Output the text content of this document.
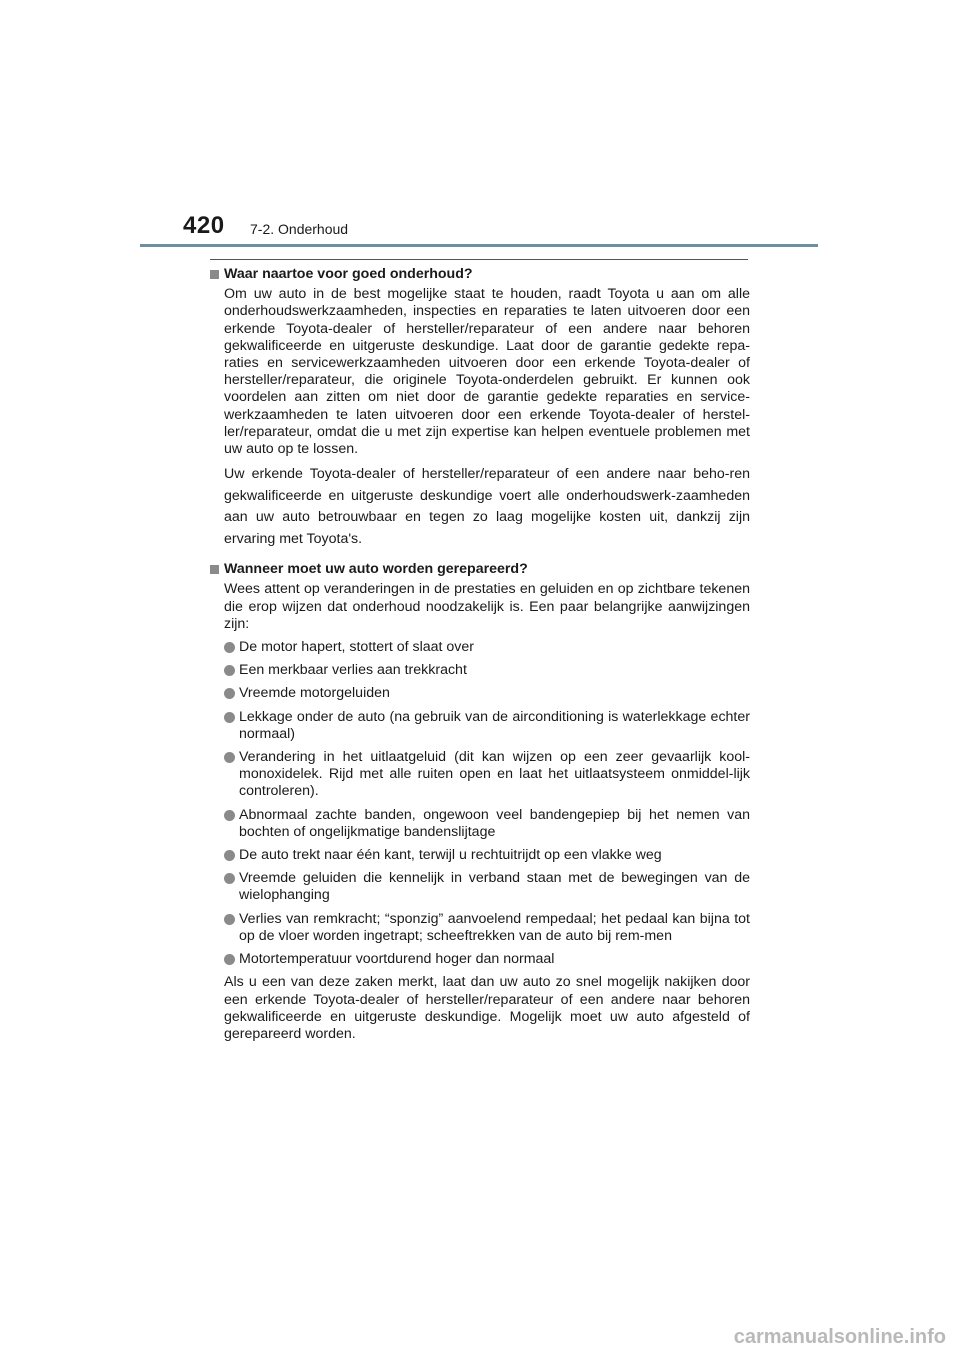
420 7-2. Onderhoud
Waar naartoe voor goed onderhoud?

Om uw auto in de best mogelijke staat te houden, raadt Toyota u aan om alle onderhoudswerkzaamheden, inspecties en reparaties te laten uitvoeren door een erkende Toyota-dealer of hersteller/reparateur of een andere naar behoren gekwalificeerde en uitgeruste deskundige. Laat door de garantie gedekte repa-raties en servicewerkzaamheden uitvoeren door een erkende Toyota-dealer of hersteller/reparateur, die originele Toyota-onderdelen gebruikt. Er kunnen ook voordelen aan zitten om niet door de garantie gedekte reparaties en service-werkzaamheden te laten uitvoeren door een erkende Toyota-dealer of herstel-ler/reparateur, omdat die u met zijn expertise kan helpen eventuele problemen met uw auto op te lossen.

Uw erkende Toyota-dealer of hersteller/reparateur of een andere naar beho-ren gekwalificeerde en uitgeruste deskundige voert alle onderhoudswerk-zaamheden aan uw auto betrouwbaar en tegen zo laag mogelijke kosten uit, dankzij zijn ervaring met Toyota's.

Wanneer moet uw auto worden gerepareerd?

Wees attent op veranderingen in de prestaties en geluiden en op zichtbare tekenen die erop wijzen dat onderhoud noodzakelijk is. Een paar belangrijke aanwijzingen zijn:

De motor hapert, stottert of slaat over
Een merkbaar verlies aan trekkracht
Vreemde motorgeluiden
Lekkage onder de auto (na gebruik van de airconditioning is waterlekkage echter normaal)
Verandering in het uitlaatgeluid (dit kan wijzen op een zeer gevaarlijk kool-monoxidelek. Rijd met alle ruiten open en laat het uitlaatsysteem onmiddel-lijk controleren).
Abnormaal zachte banden, ongewoon veel bandengepiep bij het nemen van bochten of ongelijkmatige bandenslijtage
De auto trekt naar één kant, terwijl u rechtuitrijdt op een vlakke weg
Vreemde geluiden die kennelijk in verband staan met de bewegingen van de wielophanging
Verlies van remkracht; “sponzig” aanvoelend rempedaal; het pedaal kan bijna tot op de vloer worden ingetrapt; scheeftrekken van de auto bij rem-men
Motortemperatuur voortdurend hoger dan normaal

Als u een van deze zaken merkt, laat dan uw auto zo snel mogelijk nakijken door een erkende Toyota-dealer of hersteller/reparateur of een andere naar behoren gekwalificeerde en uitgeruste deskundige. Mogelijk moet uw auto afgesteld of gerepareerd worden.

carmanualsonline.info
